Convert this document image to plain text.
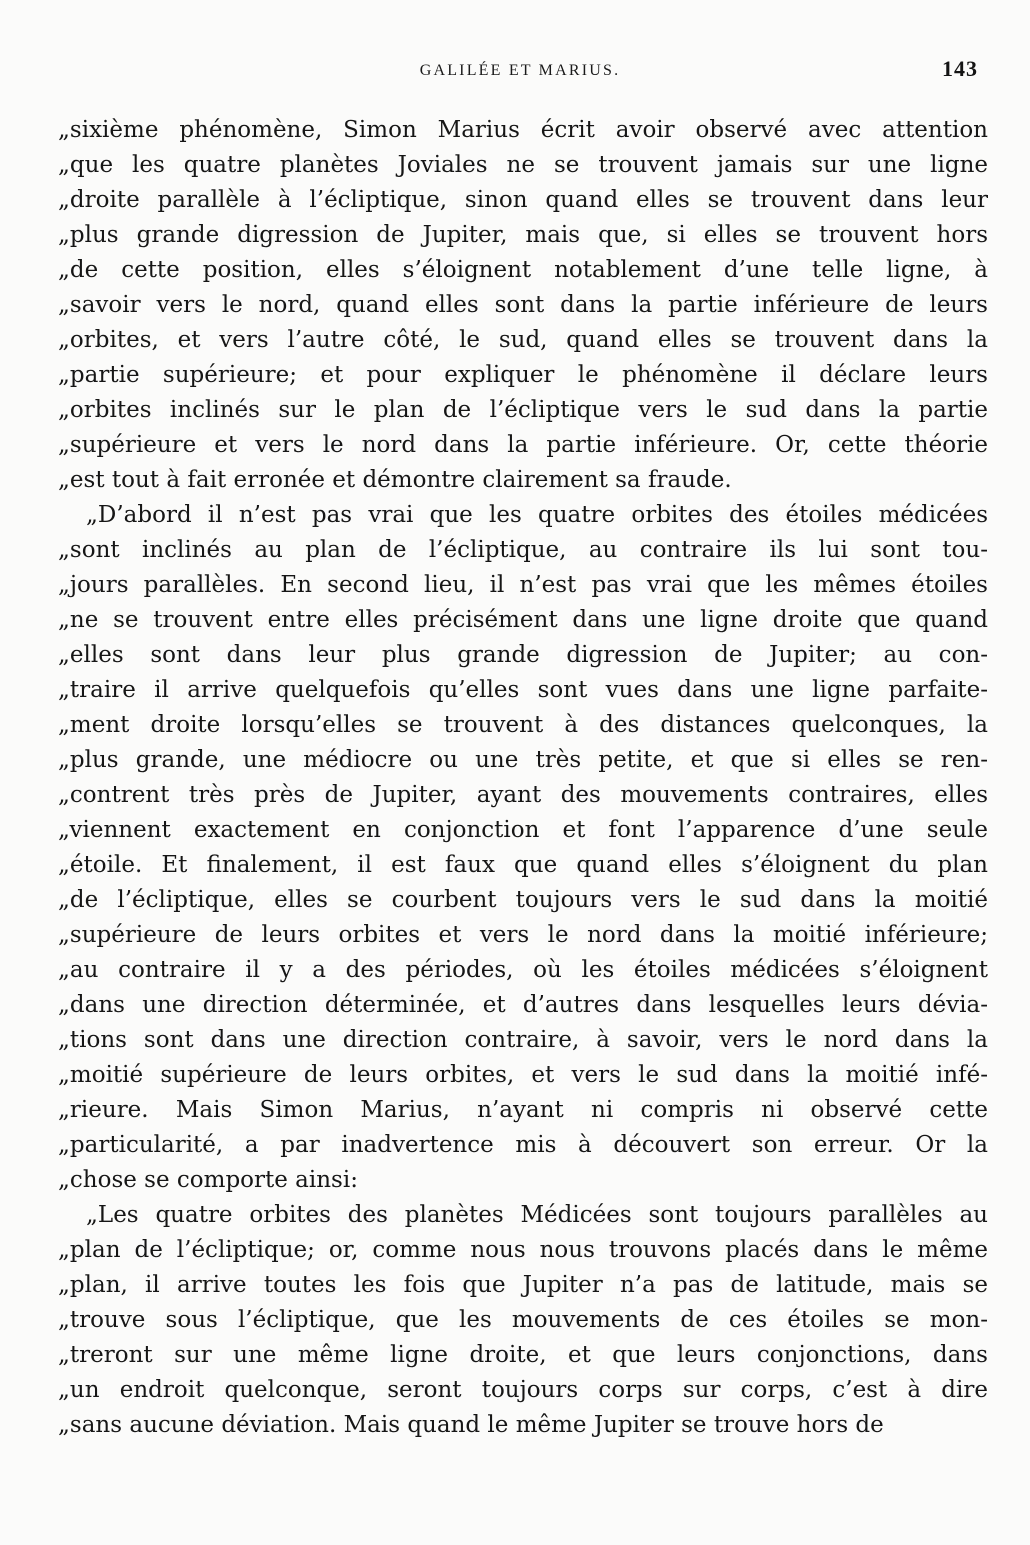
GALILÉE ET MARIUS.	143
„sixième phénomène, Simon Marius écrit avoir observé avec attention
„que les quatre planètes Joviales ne se trouvent jamais sur une ligne
„droite parallèle à l’écliptique, sinon quand elles se trouvent dans leur
„plus grande digression de Jupiter, mais que, si elles se trouvent hors
„de cette position, elles s’éloignent notablement d’une telle ligne, à
„savoir vers le nord, quand elles sont dans la partie inférieure de leurs
„orbites, et vers l’autre côté, le sud, quand elles se trouvent dans la
„partie supérieure; et pour expliquer le phénomène il déclare leurs
„orbites inclinés sur le plan de l’écliptique vers le sud dans la partie
„supérieure et vers le nord dans la partie inférieure. Or, cette théorie
„est tout à fait erronée et démontre clairement sa fraude.
„D’abord il n’est pas vrai que les quatre orbites des étoiles médicées
„sont inclinés au plan de l’écliptique, au contraire ils lui sont tou-
„jours parallèles. En second lieu, il n’est pas vrai que les mêmes étoiles
„ne se trouvent entre elles précisément dans une ligne droite que quand
„elles sont dans leur plus grande digression de Jupiter; au con-
„traire il arrive quelquefois qu’elles sont vues dans une ligne parfaite-
„ment droite lorsqu’elles se trouvent à des distances quelconques, la
„plus grande, une médiocre ou une très petite, et que si elles se ren-
„contrent très près de Jupiter, ayant des mouvements contraires, elles
„viennent exactement en conjonction et font l’apparence d’une seule
„étoile. Et finalement, il est faux que quand elles s’éloignent du plan
„de l’écliptique, elles se courbent toujours vers le sud dans la moitié
„supérieure de leurs orbites et vers le nord dans la moitié inférieure;
„au contraire il y a des périodes, où les étoiles médicées s’éloignent
„dans une direction déterminée, et d’autres dans lesquelles leurs dévia-
„tions sont dans une direction contraire, à savoir, vers le nord dans la
„moitié supérieure de leurs orbites, et vers le sud dans la moitié infé-
„rieure. Mais Simon Marius, n’ayant ni compris ni observé cette
„particularité, a par inadvertence mis à découvert son erreur. Or la
„chose se comporte ainsi:
„Les quatre orbites des planètes Médicées sont toujours parallèles au
„plan de l’écliptique; or, comme nous nous trouvons placés dans le même
„plan, il arrive toutes les fois que Jupiter n’a pas de latitude, mais se
„trouve sous l’écliptique, que les mouvements de ces étoiles se mon-
„treront sur une même ligne droite, et que leurs conjonctions, dans
„un endroit quelconque, seront toujours corps sur corps, c’est à dire
„sans aucune déviation. Mais quand le même Jupiter se trouve hors de
